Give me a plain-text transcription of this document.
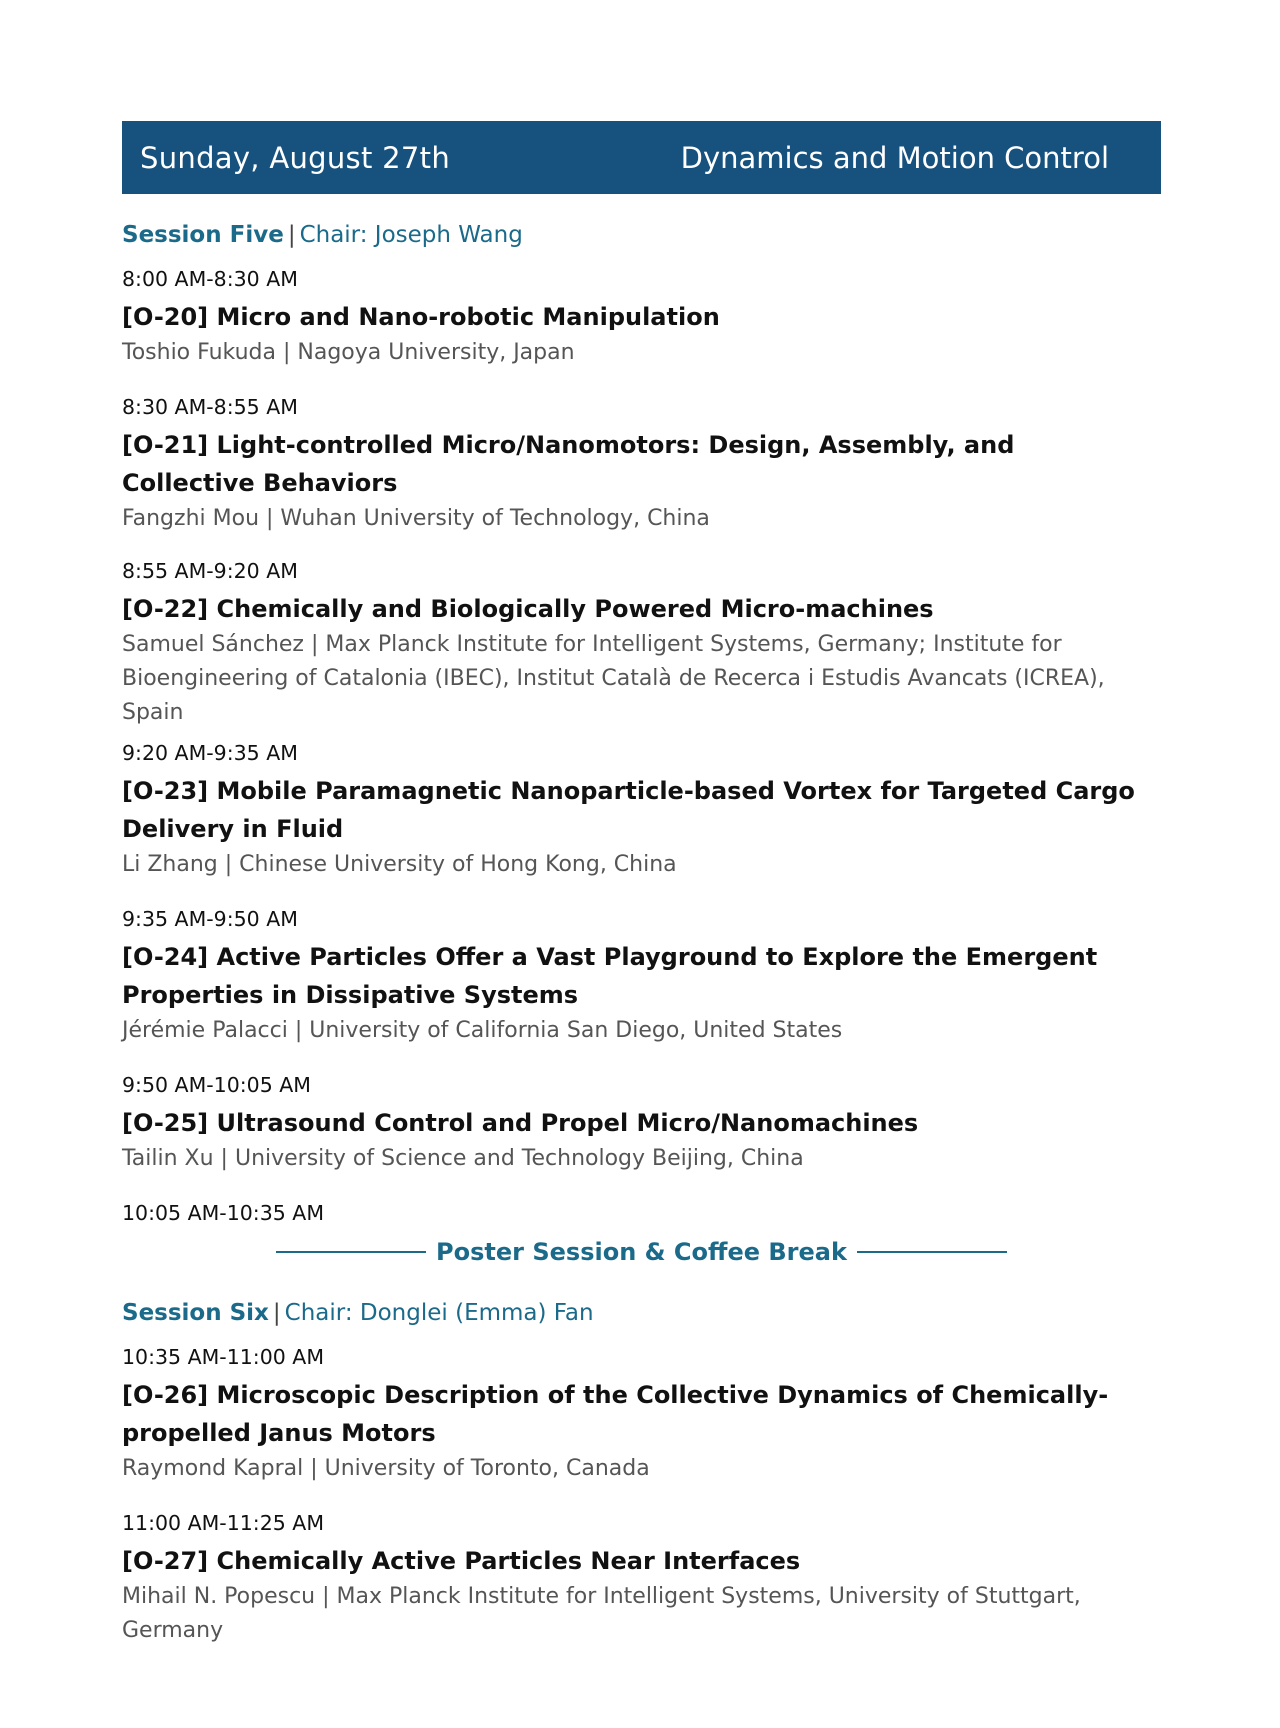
Sunday, August 27th	Dynamics and Motion Control
Session Five | Chair: Joseph Wang
8:00 AM-8:30 AM
[O-20] Micro and Nano-robotic Manipulation
Toshio Fukuda | Nagoya University, Japan
8:30 AM-8:55 AM
[O-21] Light-controlled Micro/Nanomotors: Design, Assembly, and Collective Behaviors
Fangzhi Mou | Wuhan University of Technology, China
8:55 AM-9:20 AM
[O-22] Chemically and Biologically Powered Micro-machines
Samuel Sánchez | Max Planck Institute for Intelligent Systems, Germany; Institute for Bioengineering of Catalonia (IBEC), Institut Català de Recerca i Estudis Avancats (ICREA), Spain
9:20 AM-9:35 AM
[O-23] Mobile Paramagnetic Nanoparticle-based Vortex for Targeted Cargo Delivery in Fluid
Li Zhang | Chinese University of Hong Kong, China
9:35 AM-9:50 AM
[O-24] Active Particles Offer a Vast Playground to Explore the Emergent Properties in Dissipative Systems
Jérémie Palacci | University of California San Diego, United States
9:50 AM-10:05 AM
[O-25] Ultrasound Control and Propel Micro/Nanomachines
Tailin Xu | University of Science and Technology Beijing, China
10:05 AM-10:35 AM
Poster Session & Coffee Break
Session Six | Chair: Donglei (Emma) Fan
10:35 AM-11:00 AM
[O-26] Microscopic Description of the Collective Dynamics of Chemically-propelled Janus Motors
Raymond Kapral | University of Toronto, Canada
11:00 AM-11:25 AM
[O-27] Chemically Active Particles Near Interfaces
Mihail N. Popescu | Max Planck Institute for Intelligent Systems, University of Stuttgart, Germany
